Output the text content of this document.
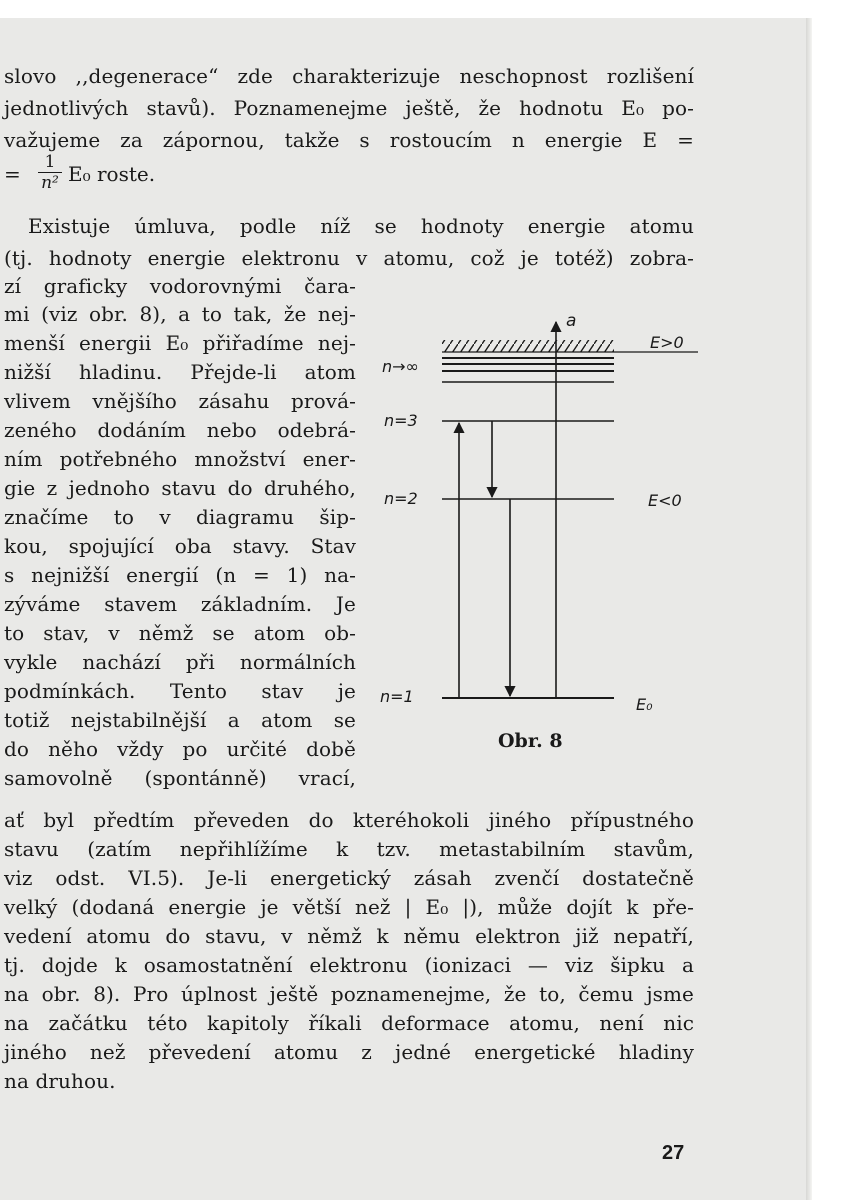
slovo ,,degenerace“ zde charakterizuje neschopnost rozlišení
jednotlivých stavů). Poznamenejme ještě, že hodnotu E₀ po-
važujeme za zápornou, takže s rostoucím n energie E =
= $\frac{1}{\text{n²}} E_0$ roste.
Existuje úmluva, podle níž se hodnoty energie atomu
(tj. hodnoty energie elektronu v atomu, což je totéž) zobra-
zí graficky vodorovnými čara-
mi (viz obr. 8), a to tak, že nej-
menší energii E₀ přiřadíme nej-
nižší hladinu. Přejde-li atom
vlivem vnějšího zásahu prová-
zeného dodáním nebo odebrá-
ním potřebného množství ener-
gie z jednoho stavu do druhého,
značíme to v diagramu šip-
kou, spojující oba stavy. Stav
s nejnižší energií (n = 1) na-
zýváme stavem základním. Je
to stav, v němž se atom ob-
vykle nachází při normálních
podmínkách. Tento stav je
totiž nejstabilnější a atom se
do něho vždy po určité době
samovolně (spontánně) vrací,
ať byl předtím převeden do kteréhokoli jiného přípustného
stavu (zatím nepřihlížíme k tzv. metastabilním stavům,
viz odst. VI.5). Je-li energetický zásah zvenčí dostatečně
velký (dodaná energie je větší než | E₀ |), může dojít k pře-
vedení atomu do stavu, v němž k němu elektron již nepatří,
tj. dojde k osamostatnění elektronu (ionizaci — viz šipku a
na obr. 8). Pro úplnost ještě poznamenejme, že to, čemu jsme
na začátku této kapitoly říkali deformace atomu, není nic
jiného než převedení atomu z jedné energetické hladiny
na druhou.
a
n→∞
n=3
n=2
n=1
E>0
E<0
E₀
Obr. 8
27
